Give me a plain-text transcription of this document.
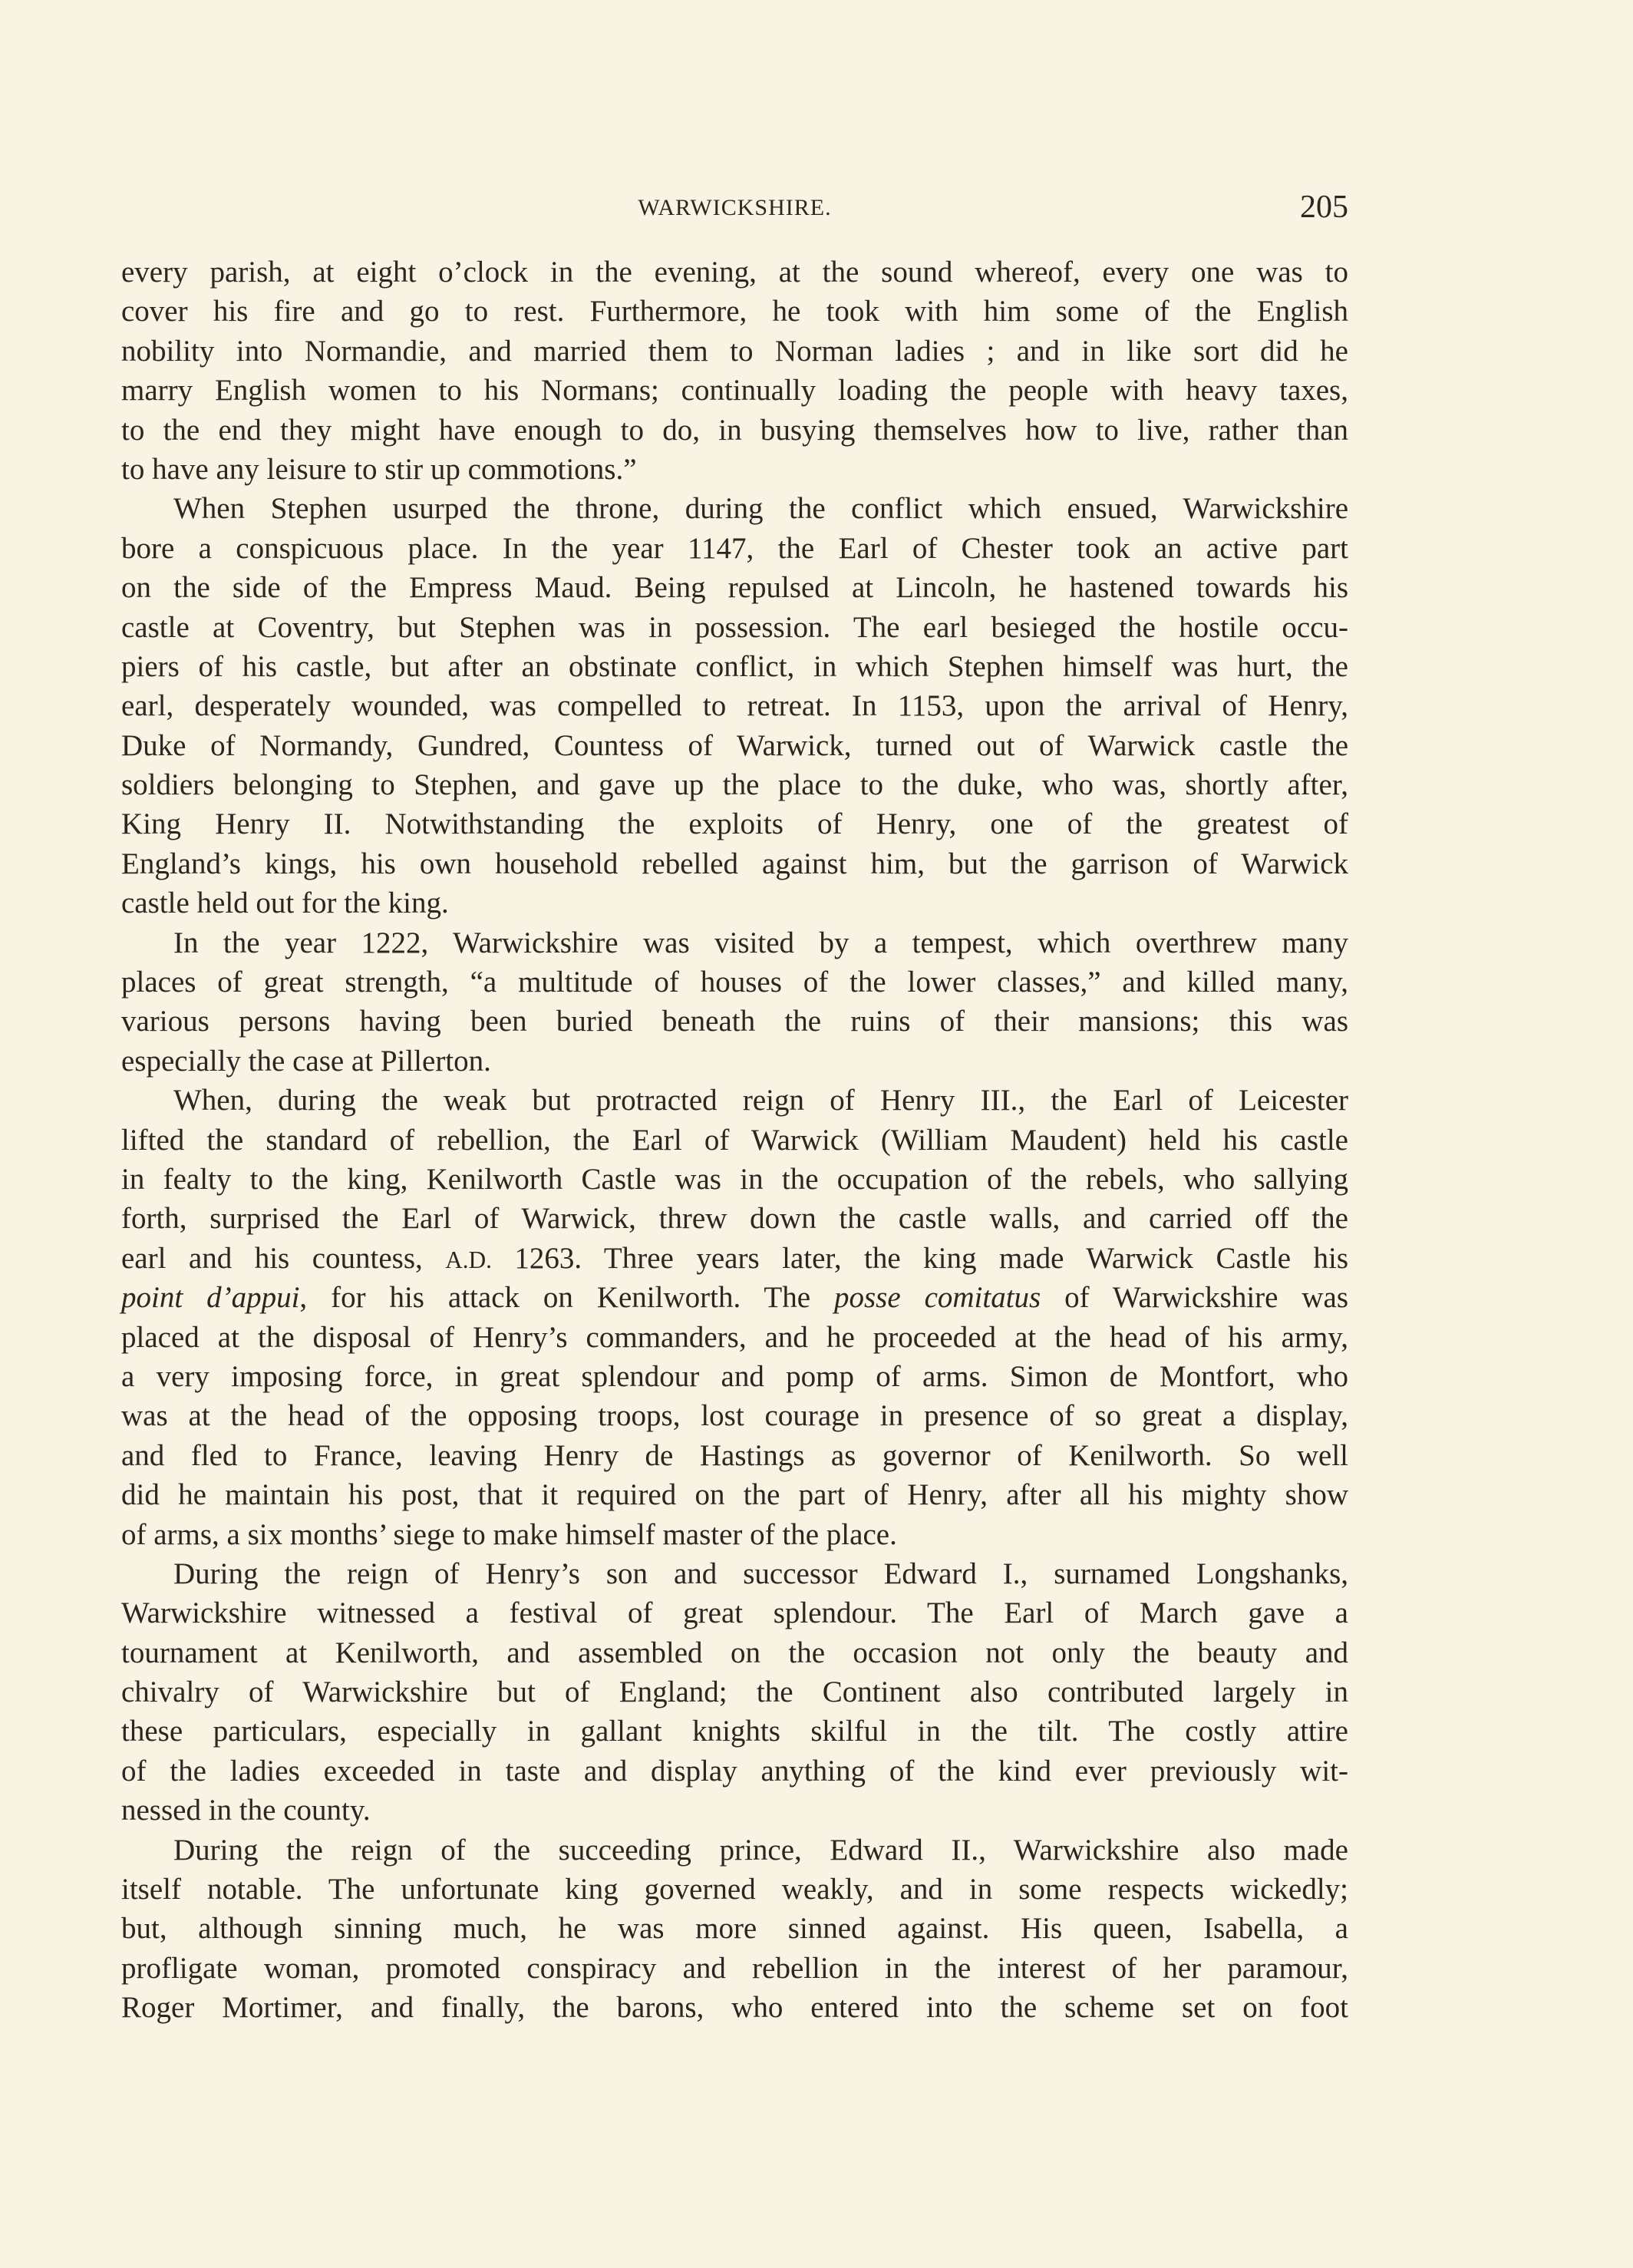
WARWICKSHIRE.	205
every parish, at eight o’clock in the evening, at the sound whereof, every one was to
cover his fire and go to rest. Furthermore, he took with him some of the English
nobility into Normandie, and married them to Norman ladies ; and in like sort did he
marry English women to his Normans; continually loading the people with heavy taxes,
to the end they might have enough to do, in busying themselves how to live, rather than
to have any leisure to stir up commotions.”
When Stephen usurped the throne, during the conflict which ensued, Warwickshire
bore a conspicuous place. In the year 1147, the Earl of Chester took an active part
on the side of the Empress Maud. Being repulsed at Lincoln, he hastened towards his
castle at Coventry, but Stephen was in possession. The earl besieged the hostile occu-
piers of his castle, but after an obstinate conflict, in which Stephen himself was hurt, the
earl, desperately wounded, was compelled to retreat. In 1153, upon the arrival of Henry,
Duke of Normandy, Gundred, Countess of Warwick, turned out of Warwick castle the
soldiers belonging to Stephen, and gave up the place to the duke, who was, shortly after,
King Henry II. Notwithstanding the exploits of Henry, one of the greatest of
England’s kings, his own household rebelled against him, but the garrison of Warwick
castle held out for the king.
In the year 1222, Warwickshire was visited by a tempest, which overthrew many
places of great strength, “a multitude of houses of the lower classes,” and killed many,
various persons having been buried beneath the ruins of their mansions; this was
especially the case at Pillerton.
When, during the weak but protracted reign of Henry III., the Earl of Leicester
lifted the standard of rebellion, the Earl of Warwick (William Maudent) held his castle
in fealty to the king, Kenilworth Castle was in the occupation of the rebels, who sallying
forth, surprised the Earl of Warwick, threw down the castle walls, and carried off the
earl and his countess, A.D. 1263. Three years later, the king made Warwick Castle his
point d’appui, for his attack on Kenilworth. The posse comitatus of Warwickshire was
placed at the disposal of Henry’s commanders, and he proceeded at the head of his army,
a very imposing force, in great splendour and pomp of arms. Simon de Montfort, who
was at the head of the opposing troops, lost courage in presence of so great a display,
and fled to France, leaving Henry de Hastings as governor of Kenilworth. So well
did he maintain his post, that it required on the part of Henry, after all his mighty show
of arms, a six months’ siege to make himself master of the place.
During the reign of Henry’s son and successor Edward I., surnamed Longshanks,
Warwickshire witnessed a festival of great splendour. The Earl of March gave a
tournament at Kenilworth, and assembled on the occasion not only the beauty and
chivalry of Warwickshire but of England; the Continent also contributed largely in
these particulars, especially in gallant knights skilful in the tilt. The costly attire
of the ladies exceeded in taste and display anything of the kind ever previously wit-
nessed in the county.
During the reign of the succeeding prince, Edward II., Warwickshire also made
itself notable. The unfortunate king governed weakly, and in some respects wickedly;
but, although sinning much, he was more sinned against. His queen, Isabella, a
profligate woman, promoted conspiracy and rebellion in the interest of her paramour,
Roger Mortimer, and finally, the barons, who entered into the scheme set on foot
